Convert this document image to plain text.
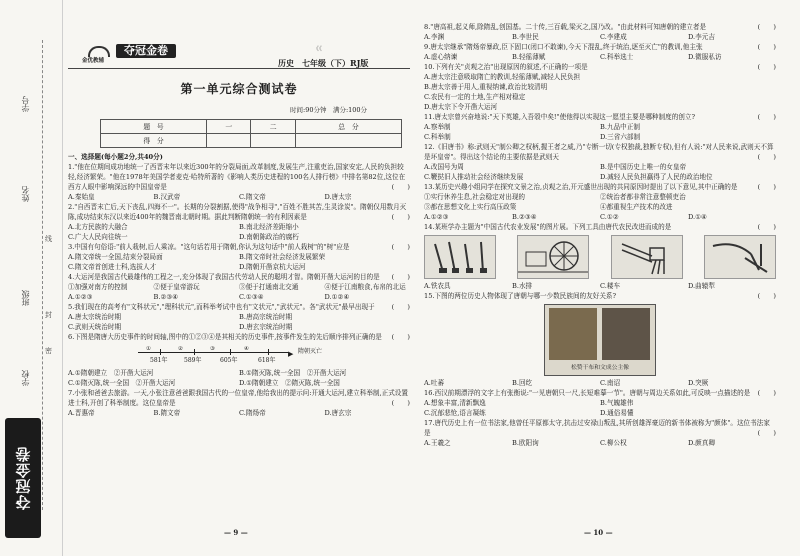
学号
姓名
班级
学校
线
封
密
夺冠金卷
金优教辅
夺冠金卷	《《
历史　七年级（下）RJ版
第一单元综合测试卷
时间:90分钟　满分:100分
题　号	一	二	总　分
得　分			
一、选择题(每小题2分,共40分)
1."他在位期间成功地统一了西晋末年以来近300年的分裂局面,改革制度,发展生产,注重吏治,国家安定,人民的负担较轻,经济繁荣。"他在1978年美国学者麦克·哈特所著的《影响人类历史进程的100名人排行榜》中排名第82位,这位在西方人眼中影响深远的中国皇帝是	(　　)
A.秦始皇	B.汉武帝	C.隋文帝	D.唐太宗
2."自西晋末亡后,天下丧乱,四海不一"。长期的分裂割据,使得"战争相寻","百姓不胜其苦,生灵涂炭"。隋朝仅用数月灭陈,成功结束东汉以来近400年的魏晋南北朝时期。据此判断隋朝统一的有利因素是	(　　)
A.北方民族的大融合	B.南北经济差距缩小
C.广大人民向往统一	D.南朝陈政治的腐朽
3.中国有句俗语:"前人栽树,后人乘凉。"这句话若用于隋朝,你认为这句话中"前人栽树"的"树"应是	(　　)
A.隋文帝统一全国,结束分裂局面	B.隋文帝时社会经济发展繁荣
C.隋文帝首创进士科,选拔人才	D.隋朝开凿京杭大运河
4.大运河是我国古代最雄伟的工程之一,充分体现了我国古代劳动人民的聪明才智。隋朝开凿大运河的目的是 (　　)
①加强对南方的控制	②便于皇帝游玩	③便于打通南北交通	④便于江南粮食,布帛的北运
A.①②③	B.②③④	C.①③④	D.①②④
5.我们现在的高考有"文科状元","理科状元",而科举考试中也有"文状元","武状元"。各"武状元"最早出现于	(　　)
A.唐太宗统治时期	B.唐高宗统治时期
C.武则天统治时期	D.唐玄宗统治时期
6.下图是隋唐大历史事件的时间轴,图中的①②③④是其相关的历史事件,按事件发生的先后顺序排列正确的是 (　　)
▶
①	②	③	④
581年	589年	605年	618年
隋朝灭亡
A.①隋朝建立　 ②开凿大运河	B.①隋灭陈,统一全国　 ②开凿大运河
C.①隋灭陈,统一全国　 ②开凿大运河	D.①隋朝建立　 ②隋灭陈,统一全国
7.小张和爸爸去旅游。一天,小张注意爸爸跟我国古代的一位皇帝,他给我出的提示问:开通大运河,建立科举制,正式设置进士科,开创了科举制度。这位皇帝是	(　　)
A.晋惠帝	B.隋文帝	C.隋炀帝	D.唐玄宗
— 9 —
8."唐高祖,起义师,除隋乱,创国基。二十传,三百载,梁灭之,国乃改。"由此材料可知唐朝的建立者是	(　　)
A.李渊	B.李世民	C.李建成	D.李元吉
9.唐太宗继承"隋炀帝暴政,臣下固口(闭口不敢谏),今天下混乱,终于统治,逐至灭亡"的教训,他主张	(　　)
A.虚心纳谏	B.轻徭薄赋	C.科举选士	D.微服私访
10.下列有关"贞观之治"出现原因的叙述,不正确的一项是	(　　)
A.唐太宗注意吸取隋亡的教训,轻徭薄赋,减轻人民负担
B.唐太宗善于用人,重视纳谏,政治比较清明
C.农民有一定的土地,生产相对稳定
D.唐太宗下令开凿大运河
11.唐太宗曾兴奋地说:"天下英雄,入吾彀中矣!"使他得以实现这一愿望主要是哪种制度的创立?	(　　)
A.察举制	B.九品中正制
C.科举制	D.三省六部制
12.《旧唐书》称:武则天"制公卿之权柄,握王者之威,乃"专断一切(专权独裁,独断专权),但有人说:"对人民来说,武则天不算是坏皇帝"。得出这个结论的主要依据是武则天	(　　)
A.改国号为周	B.是中国历史上唯一的女皇帝
C.鞭挞旧人推动社会经济继续发展	D.减轻人民负担赢得了人民的政治地位
13.某历史兴趣小组同学在探究文景之治,贞观之治,开元盛世出现的共同原因时提出了以下意见,其中正确的是	(　　)
①实行休养生息,社会稳定对出现的	②统治者都非常注意整顿吏治
③都在思想文化上实行高压政策	④都重视生产技术的改进
A.①②③	B.②③④	C.①②	D.①④
14.某班学办主题为"中国古代农业发展"的图片展。下列工具由唐代农民改进而成的是	(　　)
A.铁农具	B.水排	C.耧车	D.曲辕犁
15.下图的两位历史人物体现了唐朝与哪一少数民族间的友好关系?	(　　)
松赞干布和文成公主像
A.吐蕃	B.回纥	C.南诏	D.突厥
16.西汉前期漂浮的文字上有张衡说:"一见唐朝只一尺,长短难摹一节"。唐朝与周边关系如此,可反映一点描述的是 (　　)
A.想象丰富,清新飘逸	B.气魄雄伟
C.沉郁悲怆,语言凝练	D.通俗易懂
17.唐代历史上有一位书法家,他曾任平原都太守,抗击过安禄山叛乱,其所创雄浑豪迈的新书体被称为"颜体"。这位书法家是	(　　)
A.王羲之	B.欧阳询	C.柳公权	D.颜真卿
— 10 —
